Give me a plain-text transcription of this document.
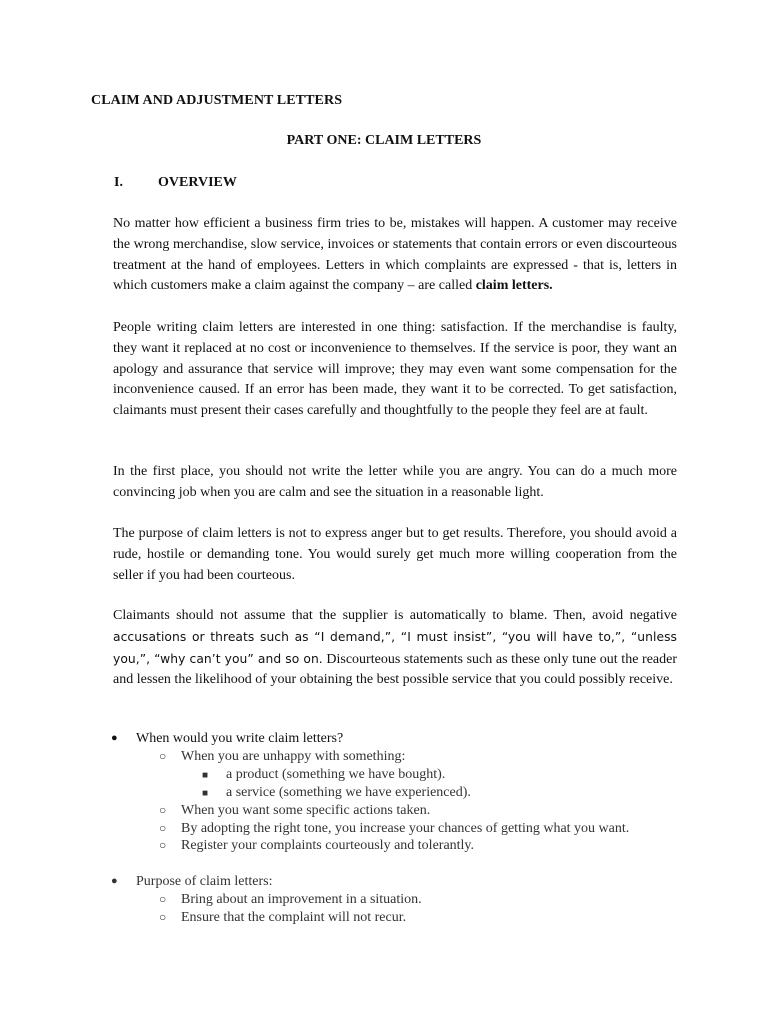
CLAIM AND ADJUSTMENT LETTERS
PART ONE: CLAIM LETTERS
I.	OVERVIEW

No matter how efficient a business firm tries to be, mistakes will happen. A customer may receive the wrong merchandise, slow service, invoices or statements that contain errors or even discourteous treatment at the hand of employees. Letters in which complaints are expressed - that is, letters in which customers make a claim against the company – are called claim letters.

People writing claim letters are interested in one thing: satisfaction. If the merchandise is faulty, they want it replaced at no cost or inconvenience to themselves. If the service is poor, they want an apology and assurance that service will improve; they may even want some compensation for the inconvenience caused. If an error has been made, they want it to be corrected. To get satisfaction, claimants must present their cases carefully and thoughtfully to the people they feel are at fault.

In the first place, you should not write the letter while you are angry. You can do a much more convincing job when you are calm and see the situation in a reasonable light.

The purpose of claim letters is not to express anger but to get results. Therefore, you should avoid a rude, hostile or demanding tone. You would surely get much more willing cooperation from the seller if you had been courteous.

Claimants should not assume that the supplier is automatically to blame. Then, avoid negative accusations or threats such as “I demand,”, “I must insist”, “you will have to,”, “unless you,”, “why can’t you” and so on. Discourteous statements such as these only tune out the reader and lessen the likelihood of your obtaining the best possible service that you could possibly receive.

● When would you write claim letters?
○ When you are unhappy with something:
■ a product (something we have bought).
■ a service (something we have experienced).
○ When you want some specific actions taken.
○ By adopting the right tone, you increase your chances of getting what you want.
○ Register your complaints courteously and tolerantly.
● Purpose of claim letters:
○ Bring about an improvement in a situation.
○ Ensure that the complaint will not recur.
